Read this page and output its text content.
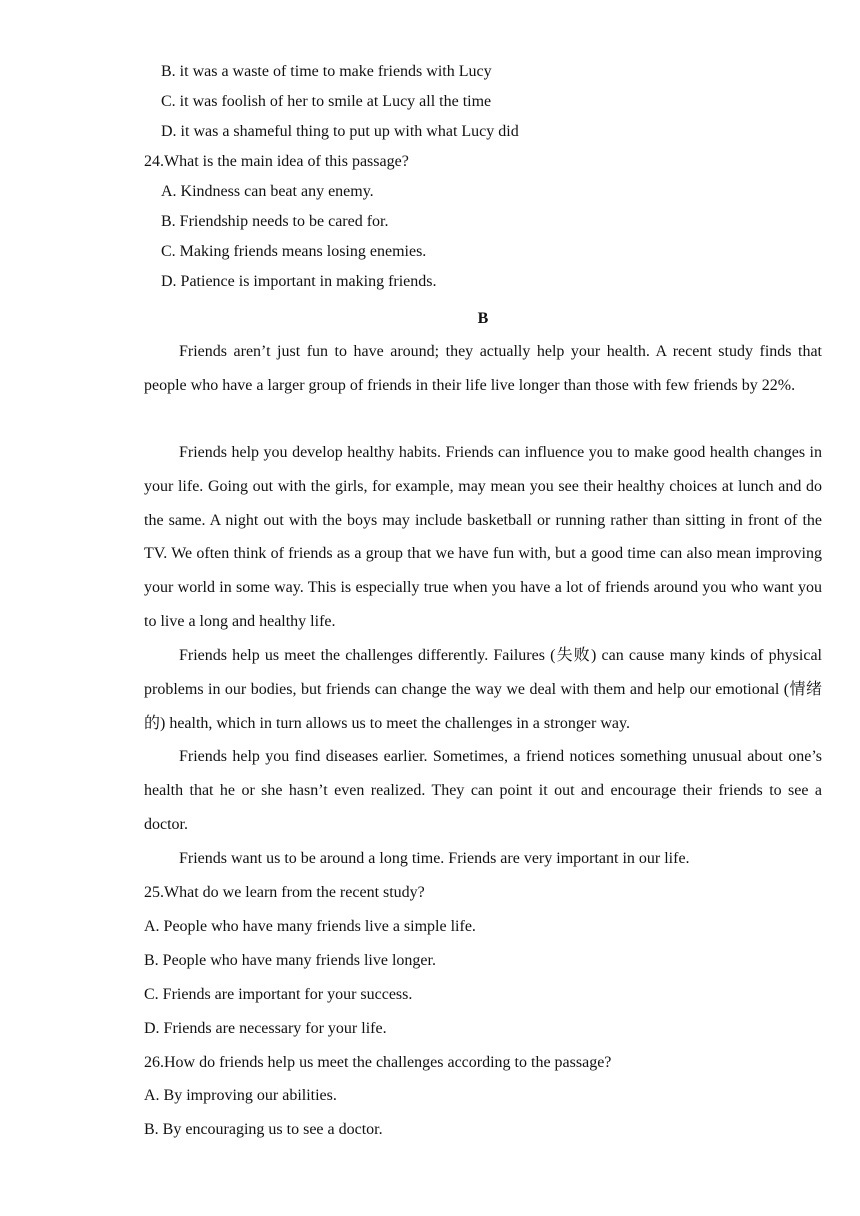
B. it was a waste of time to make friends with Lucy
C. it was foolish of her to smile at Lucy all the time
D. it was a shameful thing to put up with what Lucy did
24.What is the main idea of this passage?
A. Kindness can beat any enemy.
B. Friendship needs to be cared for.
C. Making friends means losing enemies.
D. Patience is important in making friends.
B

Friends aren’t just fun to have around; they actually help your health. A recent study finds that people who have a larger group of friends in their life live longer than those with few friends by 22%.

Friends help you develop healthy habits. Friends can influence you to make good health changes in your life. Going out with the girls, for example, may mean you see their healthy choices at lunch and do the same. A night out with the boys may include basketball or running rather than sitting in front of the TV. We often think of friends as a group that we have fun with, but a good time can also mean improving your world in some way. This is especially true when you have a lot of friends around you who want you to live a long and healthy life.

Friends help us meet the challenges differently. Failures (失败) can cause many kinds of physical problems in our bodies, but friends can change the way we deal with them and help our emotional (情绪的) health, which in turn allows us to meet the challenges in a stronger way.

Friends help you find diseases earlier. Sometimes, a friend notices something unusual about one’s health that he or she hasn’t even realized. They can point it out and encourage their friends to see a doctor.

Friends want us to be around a long time. Friends are very important in our life.

25.What do we learn from the recent study?
A. People who have many friends live a simple life.
B. People who have many friends live longer.
C. Friends are important for your success.
D. Friends are necessary for your life.
26.How do friends help us meet the challenges according to the passage?
A. By improving our abilities.
B. By encouraging us to see a doctor.
